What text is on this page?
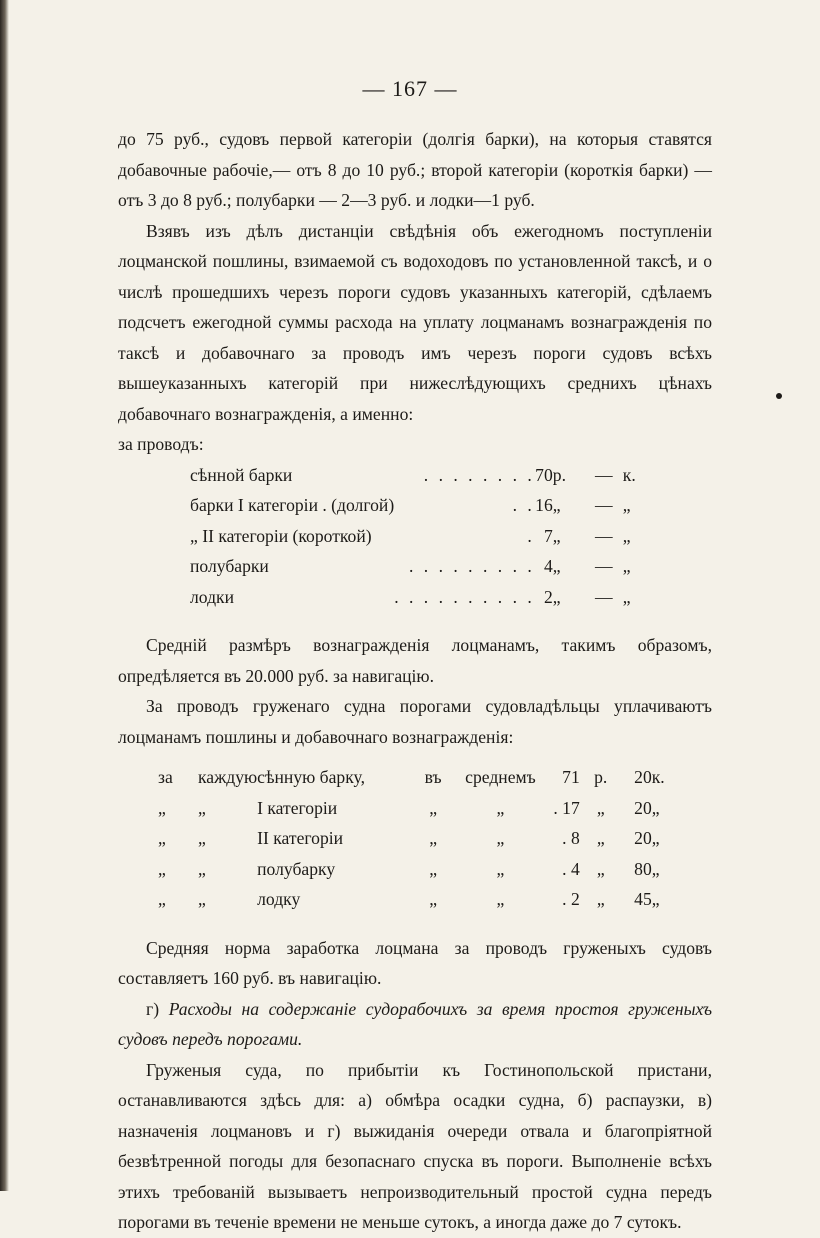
— 167 —

до 75 руб., судовъ первой категоріи (долгія барки), на которыя ставятся добавочные рабочіе,— отъ 8 до 10 руб.; второй категоріи (короткія барки) — отъ 3 до 8 руб.; полубарки — 2—3 руб. и лодки—1 руб.

Взявъ изъ дѣлъ дистанціи свѣдѣнія объ ежегодномъ поступленіи лоцманской пошлины, взимаемой съ водоходовъ по установленной таксѣ, и о числѣ прошедшихъ черезъ пороги судовъ указанныхъ категорій, сдѣлаемъ подсчетъ ежегодной суммы расхода на уплату лоцманамъ вознагражденія по таксѣ и добавочнаго за проводъ имъ черезъ пороги судовъ всѣхъ вышеуказанныхъ категорій при нижеслѣдующихъ среднихъ цѣнахъ добавочнаго вознагражденія, а именно:

за проводъ:

сѣнной барки	. . . . . . . .	70	р.	—	к.
барки I категоріи . (долгой)	. .	16	„	—	„
„ II категоріи (короткой)	.	7	„	—	„
полубарки	. . . . . . . . .	4	„	—	„
лодки	. . . . . . . . . .	2	„	—	„

Средній размѣръ вознагражденія лоцманамъ, такимъ образомъ, опредѣляется въ 20.000 руб. за навигацію.

За проводъ груженаго судна порогами судовладѣльцы уплачиваютъ лоцманамъ пошлины и добавочнаго вознагражденія:

за	каждую	сѣнную барку,	въ	среднемъ	71	р.	20	к.
„	„	I категоріи	„	„	. 17	„	20	„
„	„	II категоріи	„	„	. 8	„	20	„
„	„	полубарку	„	„	. 4	„	80	„
„	„	лодку	„	„	. 2	„	45	„

Средняя норма заработка лоцмана за проводъ груженыхъ судовъ составляетъ 160 руб. въ навигацію.

г) Расходы на содержаніе судорабочихъ за время простоя груженыхъ судовъ передъ порогами.

Груженыя суда, по прибытіи къ Гостинопольской пристани, останавливаются здѣсь для: а) обмѣра осадки судна, б) распаузки, в) назначенія лоцмановъ и г) выжиданія очереди отвала и благопріятной безвѣтренной погоды для безопаснаго спуска въ пороги. Выполненіе всѣхъ этихъ требованій вызываетъ непроизводительный простой судна передъ порогами въ теченіе времени не меньше сутокъ, а иногда даже до 7 сутокъ.
